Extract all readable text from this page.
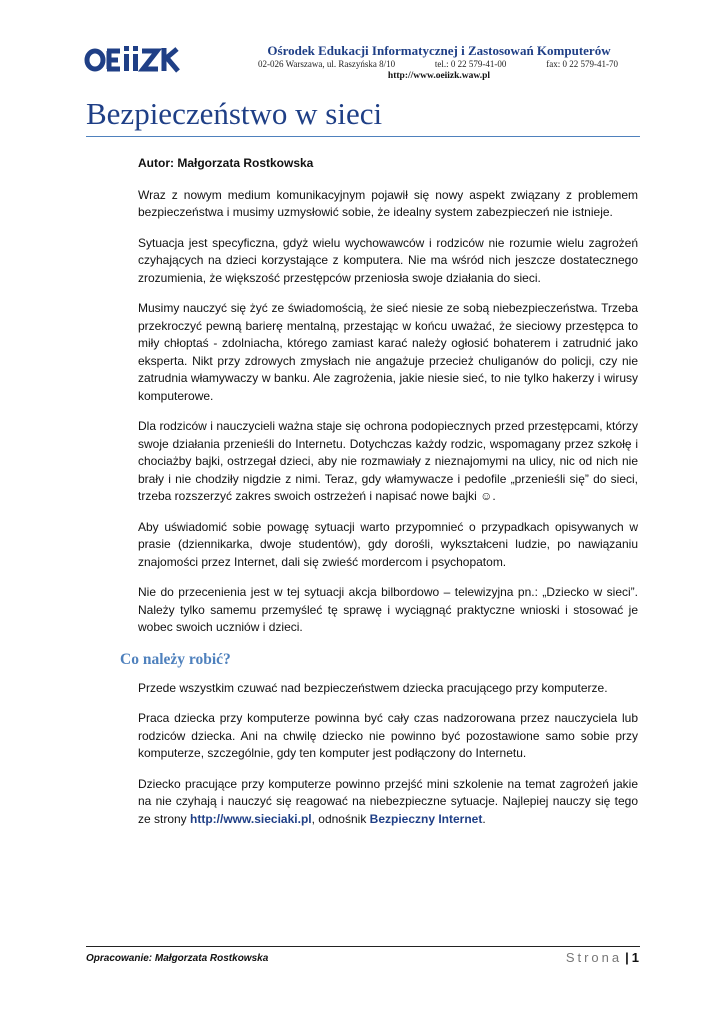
Ośrodek Edukacji Informatycznej i Zastosowań Komputerów
02-026 Warszawa, ul. Raszyńska 8/10	tel.: 0 22 579-41-00	fax: 0 22 579-41-70
http://www.oeiizk.waw.pl
Bezpieczeństwo w sieci

Autor: Małgorzata Rostkowska

Wraz z nowym medium komunikacyjnym pojawił się nowy aspekt związany z problemem bezpieczeństwa i musimy uzmysłowić sobie, że idealny system zabezpieczeń nie istnieje.

Sytuacja jest specyficzna, gdyż wielu wychowawców i rodziców nie rozumie wielu zagrożeń czyhających na dzieci korzystające z komputera. Nie ma wśród nich jeszcze dostatecznego zrozumienia, że większość przestępców przeniosła swoje działania do sieci.

Musimy nauczyć się żyć ze świadomością, że sieć niesie ze sobą niebezpieczeństwa. Trzeba przekroczyć pewną barierę mentalną, przestając w końcu uważać, że sieciowy przestępca to miły chłoptaś - zdolniacha, którego zamiast karać należy ogłosić bohaterem i zatrudnić jako eksperta. Nikt przy zdrowych zmysłach nie angażuje przecież chuliganów do policji, czy nie zatrudnia włamywaczy w banku. Ale zagrożenia, jakie niesie sieć, to nie tylko hakerzy i wirusy komputerowe.

Dla rodziców i nauczycieli ważna staje się ochrona podopiecznych przed przestępcami, którzy swoje działania przenieśli do Internetu. Dotychczas każdy rodzic, wspomagany przez szkołę i chociażby bajki, ostrzegał dzieci, aby nie rozmawiały z nieznajomymi na ulicy, nic od nich nie brały i nie chodziły nigdzie z nimi. Teraz, gdy włamywacze i pedofile „przenieśli się” do sieci, trzeba rozszerzyć zakres swoich ostrzeżeń i napisać nowe bajki ☺.

Aby uświadomić sobie powagę sytuacji warto przypomnieć o przypadkach opisywanych w prasie (dziennikarka, dwoje studentów), gdy dorośli, wykształceni ludzie, po nawiązaniu znajomości przez Internet, dali się zwieść mordercom i psychopatom.

Nie do przecenienia jest w tej sytuacji akcja bilbordowo – telewizyjna pn.: „Dziecko w sieci”. Należy tylko samemu przemyśleć tę sprawę i wyciągnąć praktyczne wnioski i stosować je wobec swoich uczniów i dzieci.

Co należy robić?

Przede wszystkim czuwać nad bezpieczeństwem dziecka pracującego przy komputerze.

Praca dziecka przy komputerze powinna być cały czas nadzorowana przez nauczyciela lub rodziców dziecka. Ani na chwilę dziecko nie powinno być pozostawione samo sobie przy komputerze, szczególnie, gdy ten komputer jest podłączony do Internetu.

Dziecko pracujące przy komputerze powinno przejść mini szkolenie na temat zagrożeń jakie na nie czyhają i nauczyć się reagować na niebezpieczne sytuacje. Najlepiej nauczy się tego ze strony http://www.sieciaki.pl, odnośnik Bezpieczny Internet.

Opracowanie: Małgorzata Rostkowska	Strona | 1
